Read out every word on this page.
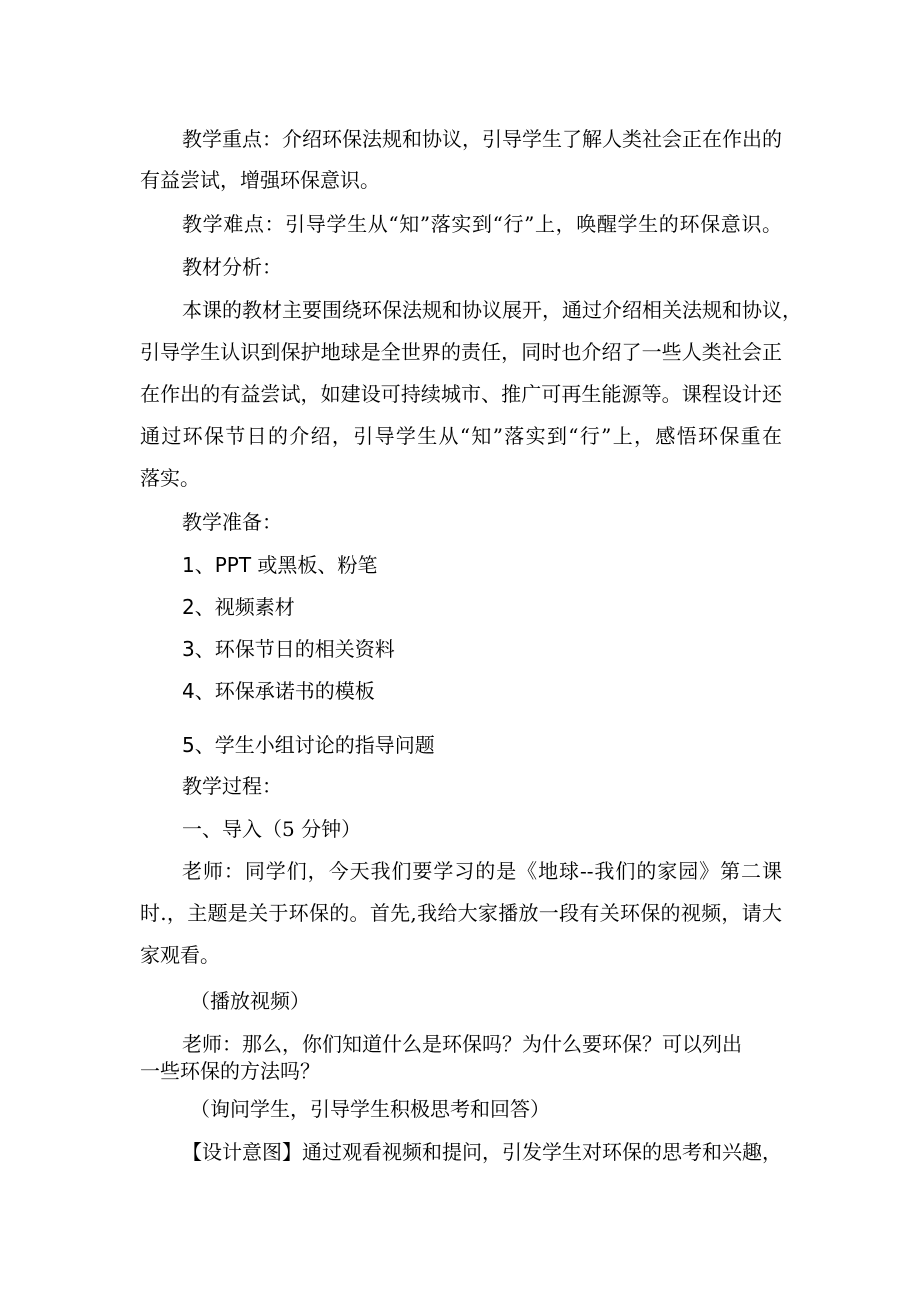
教学重点：介绍环保法规和协议，引导学生了解人类社会正在作出的
有益尝试，增强环保意识。
教学难点：引导学生从“知”落实到“行”上，唤醒学生的环保意识。
教材分析：
本课的教材主要围绕环保法规和协议展开，通过介绍相关法规和协议，
引导学生认识到保护地球是全世界的责任，同时也介绍了一些人类社会正
在作出的有益尝试，如建设可持续城市、推广可再生能源等。课程设计还
通过环保节日的介绍，引导学生从“知”落实到“行”上，感悟环保重在
落实。
教学准备：
1、PPT 或黑板、粉笔
2、视频素材
3、环保节日的相关资料
4、环保承诺书的模板
5、学生小组讨论的指导问题
教学过程：
一、导入（5 分钟）
老师：同学们，今天我们要学习的是《地球--我们的家园》第二课
时.，主题是关于环保的。首先,我给大家播放一段有关环保的视频，请大
家观看。
（播放视频）
老师：那么，你们知道什么是环保吗？为什么要环保？可以列出
一些环保的方法吗？
（询问学生，引导学生积极思考和回答）
【设计意图】通过观看视频和提问，引发学生对环保的思考和兴趣，
